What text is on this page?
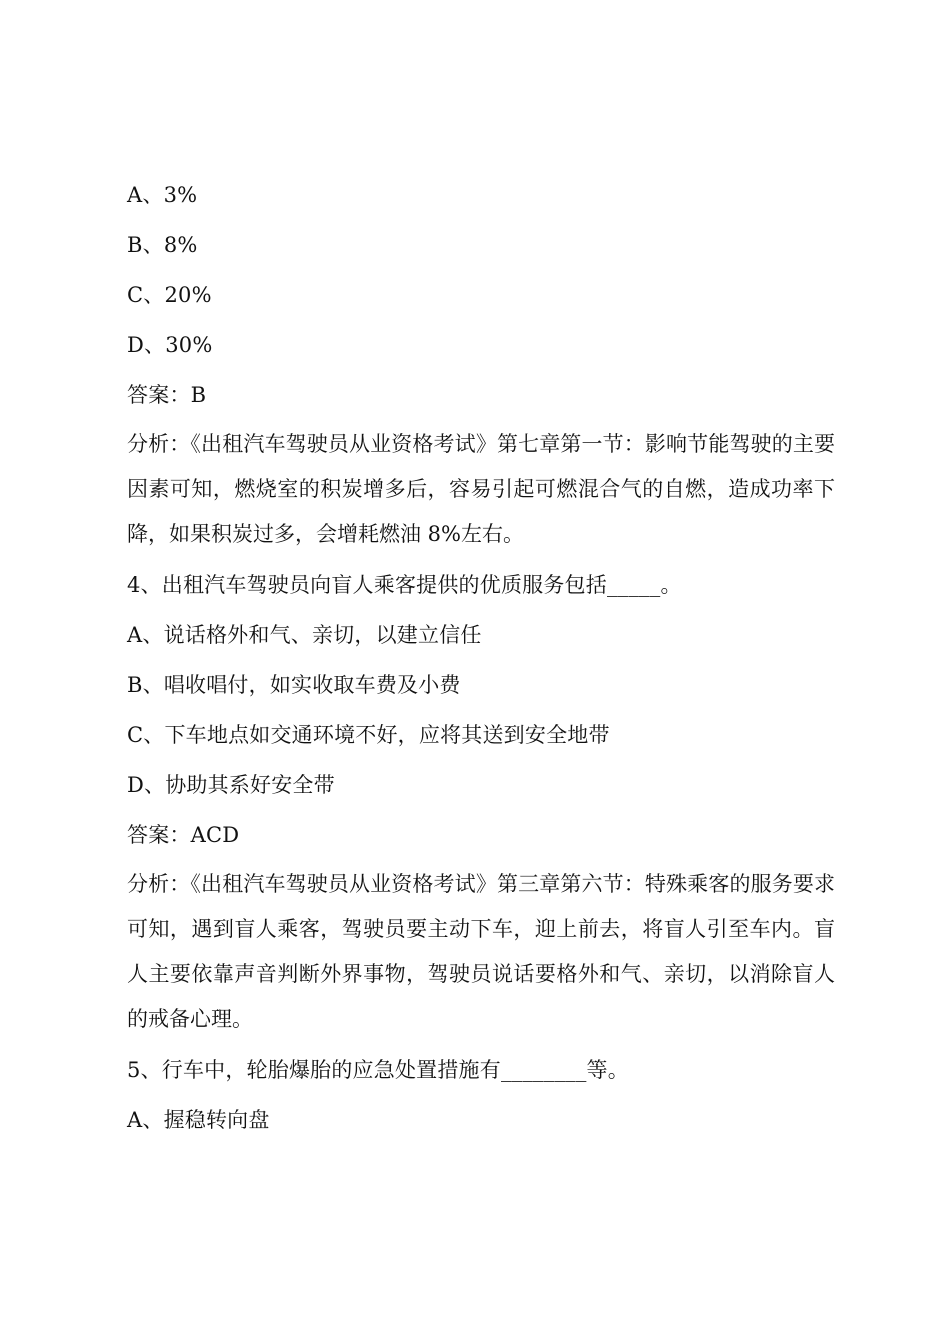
A、3%
B、8%
C、20%
D、30%
答案：B
分析：《出租汽车驾驶员从业资格考试》第七章第一节：影响节能驾驶的主要因素可知，燃烧室的积炭增多后，容易引起可燃混合气的自燃，造成功率下降，如果积炭过多，会增耗燃油 8%左右。
4、出租汽车驾驶员向盲人乘客提供的优质服务包括_____。
A、说话格外和气、亲切，以建立信任
B、唱收唱付，如实收取车费及小费
C、下车地点如交通环境不好，应将其送到安全地带
D、协助其系好安全带
答案：ACD
分析：《出租汽车驾驶员从业资格考试》第三章第六节：特殊乘客的服务要求可知，遇到盲人乘客，驾驶员要主动下车，迎上前去，将盲人引至车内。盲人主要依靠声音判断外界事物，驾驶员说话要格外和气、亲切，以消除盲人的戒备心理。
5、行车中，轮胎爆胎的应急处置措施有________等。
A、握稳转向盘
